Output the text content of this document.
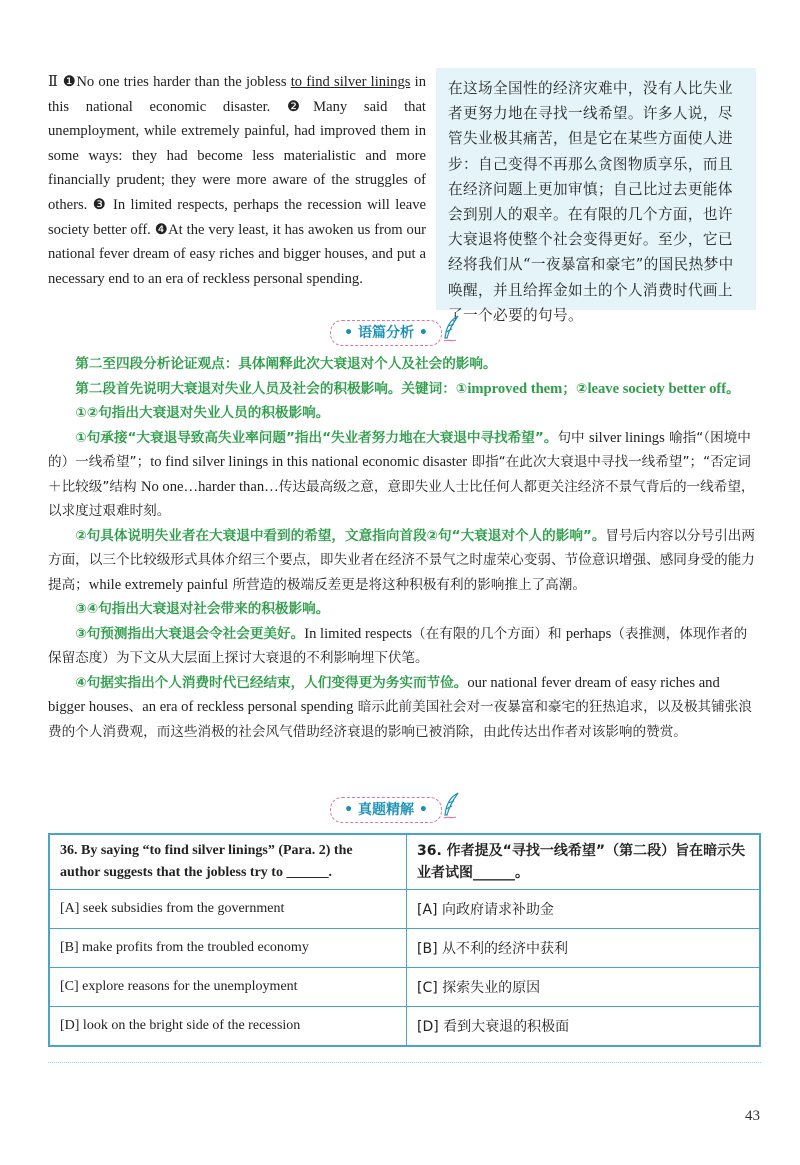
Ⅱ ❶No one tries harder than the jobless to find silver linings in this national economic disaster. ❷Many said that unemployment, while extremely painful, had improved them in some ways: they had become less materialistic and more financially prudent; they were more aware of the struggles of others. ❸ In limited respects, perhaps the recession will leave society better off. ❹At the very least, it has awoken us from our national fever dream of easy riches and bigger houses, and put a necessary end to an era of reckless personal spending.
在这场全国性的经济灾难中，没有人比失业者更努力地在寻找一线希望。许多人说，尽管失业极其痛苦，但是它在某些方面使人进步：自己变得不再那么贪图物质享乐，而且在经济问题上更加审慎；自己比过去更能体会到别人的艰辛。在有限的几个方面，也许大衰退将使整个社会变得更好。至少，它已经将我们从“一夜暴富和豪宅”的国民热梦中唤醒，并且给挥金如土的个人消费时代画上了一个必要的句号。
• 语篇分析 •

第二至四段分析论证观点：具体阐释此次大衰退对个人及社会的影响。

第二段首先说明大衰退对失业人员及社会的积极影响。关键词：①improved them；②leave society better off。

①②句指出大衰退对失业人员的积极影响。

①句承接“大衰退导致高失业率问题”指出“失业者努力地在大衰退中寻找希望”。句中 silver linings 喻指“（困境中的）一线希望”；to find silver linings in this national economic disaster 即指“在此次大衰退中寻找一线希望”；“否定词＋比较级”结构 No one…harder than…传达最高级之意，意即失业人士比任何人都更关注经济不景气背后的一线希望，以求度过艰难时刻。

②句具体说明失业者在大衰退中看到的希望，文意指向首段②句“大衰退对个人的影响”。冒号后内容以分号引出两方面，以三个比较级形式具体介绍三个要点，即失业者在经济不景气之时虚荣心变弱、节俭意识增强、感同身受的能力提高；while extremely painful 所营造的极端反差更是将这种积极有利的影响推上了高潮。

③④句指出大衰退对社会带来的积极影响。

③句预测指出大衰退会令社会更美好。In limited respects（在有限的几个方面）和 perhaps（表推测，体现作者的保留态度）为下文从大层面上探讨大衰退的不利影响埋下伏笔。

④句据实指出个人消费时代已经结束，人们变得更为务实而节俭。our national fever dream of easy riches and bigger houses、an era of reckless personal spending 暗示此前美国社会对一夜暴富和豪宅的狂热追求，以及极其铺张浪费的个人消费观，而这些消极的社会风气借助经济衰退的影响已被消除，由此传达出作者对该影响的赞赏。

• 真题精解 •
36. By saying “to find silver linings” (Para. 2) the author suggests that the jobless try to ______.	36. 作者提及“寻找一线希望”（第二段）旨在暗示失业者试图______。
[A] seek subsidies from the government	[A] 向政府请求补助金
[B] make profits from the troubled economy	[B] 从不利的经济中获利
[C] explore reasons for the unemployment	[C] 探索失业的原因
[D] look on the bright side of the recession	[D] 看到大衰退的积极面
43
